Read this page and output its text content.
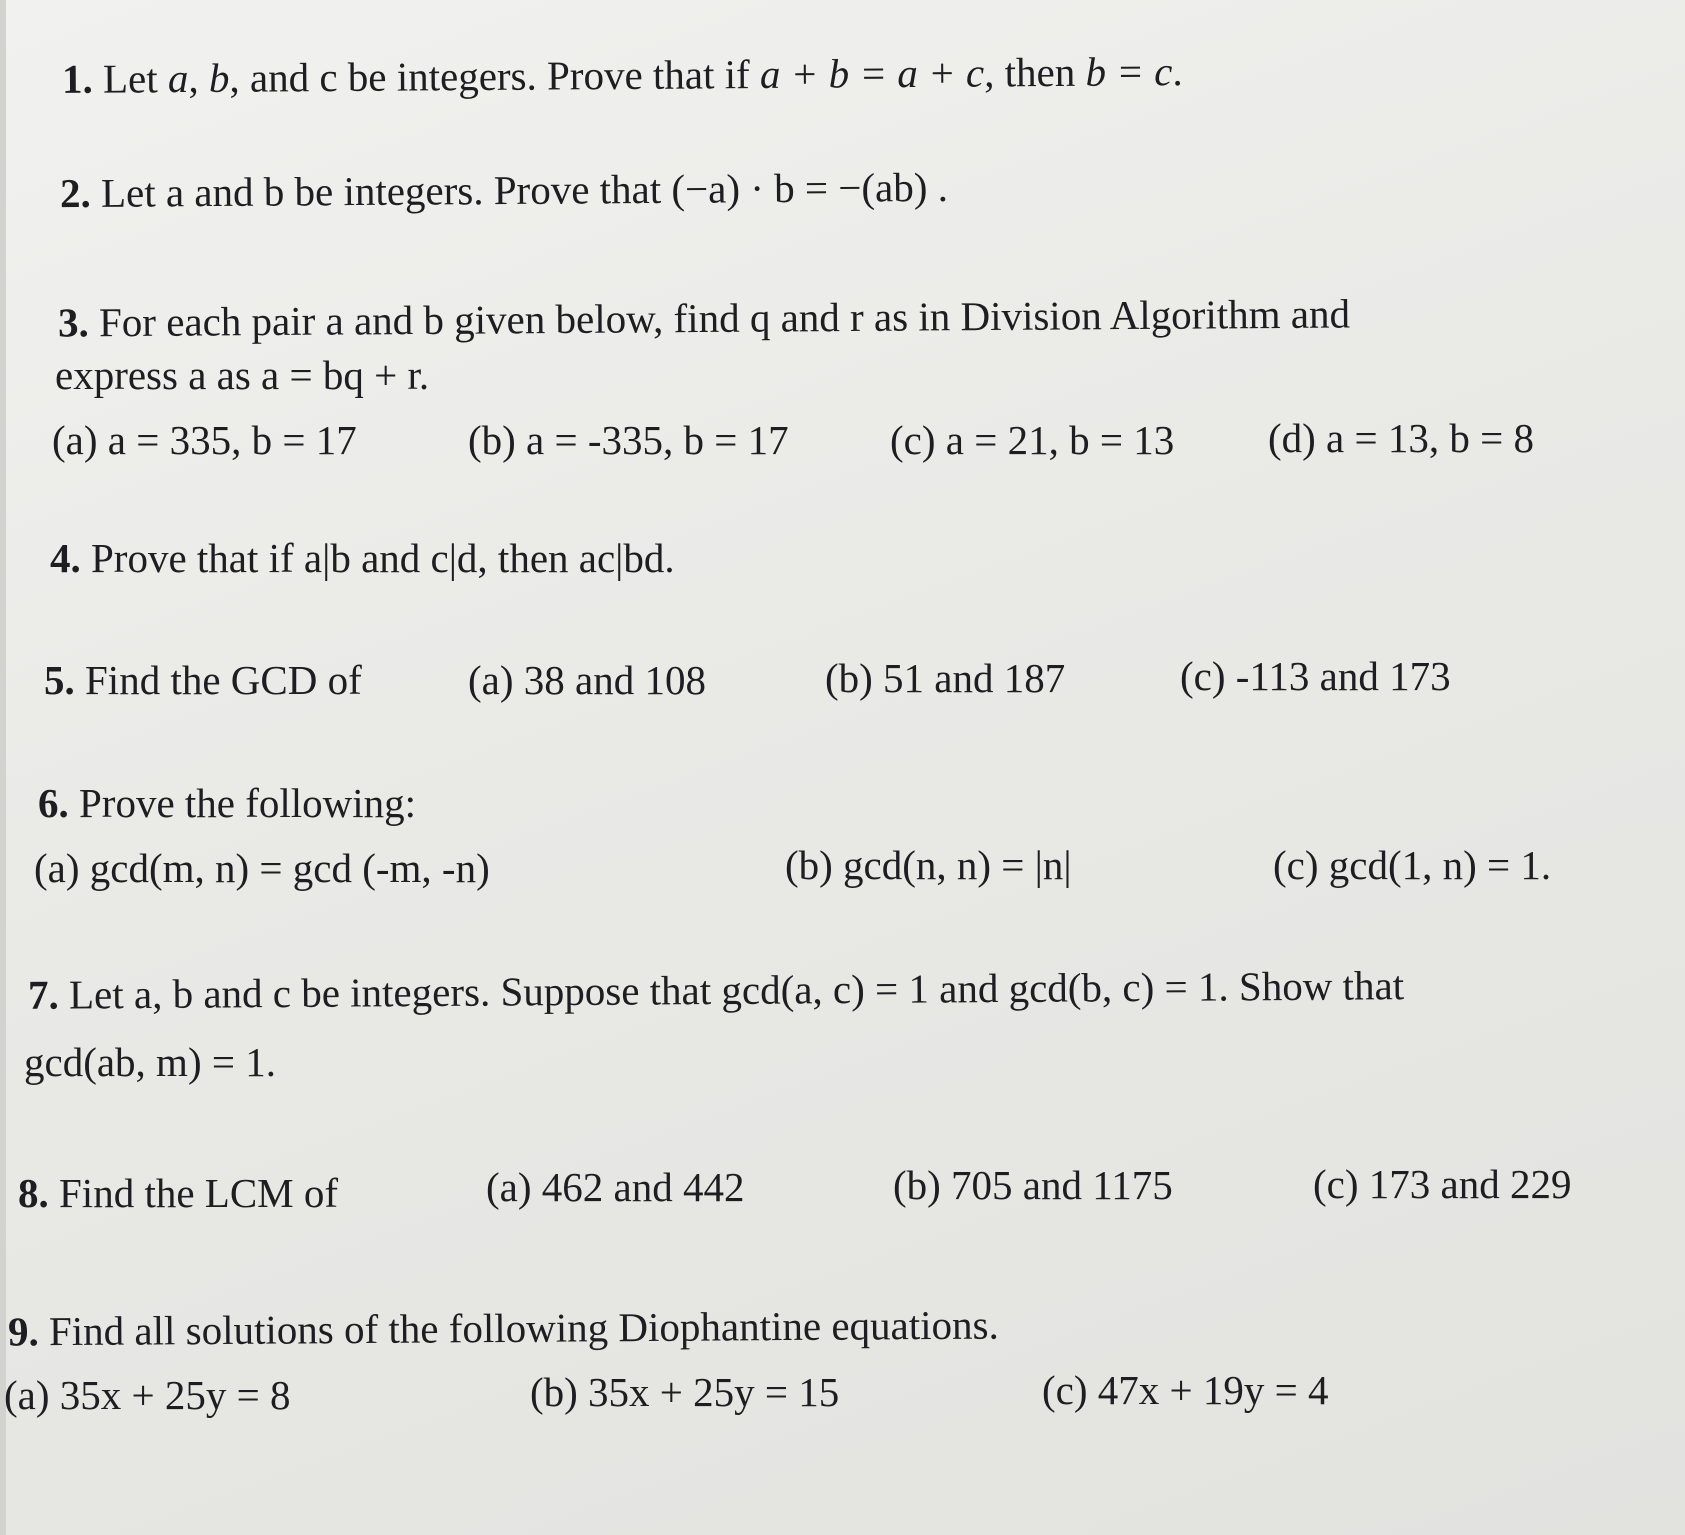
1. Let a, b, and c be integers. Prove that if a + b = a + c, then b = c.
2. Let a and b be integers. Prove that (−a) · b = −(ab) .
3. For each pair a and b given below, find q and r as in Division Algorithm and
express a as a = bq + r.
(a) a = 335, b = 17	(b) a = -335, b = 17 (c) a = 21, b = 13 (d) a = 13, b = 8
4. Prove that if a|b and c|d, then ac|bd.
5. Find the GCD of	(a) 38 and 108	(b) 51 and 187	(c) -113 and 173
6. Prove the following:
(a) gcd(m, n) = gcd (-m, -n)	(b) gcd(n, n) = |n|	(c) gcd(1, n) = 1.
7. Let a, b and c be integers. Suppose that gcd(a, c) = 1 and gcd(b, c) = 1. Show that
gcd(ab, m) = 1.
8. Find the LCM of	(a) 462 and 442	(b) 705 and 1175	(c) 173 and 229
9. Find all solutions of the following Diophantine equations.
(a) 35x + 25y = 8	(b) 35x + 25y = 15	(c) 47x + 19y = 4
